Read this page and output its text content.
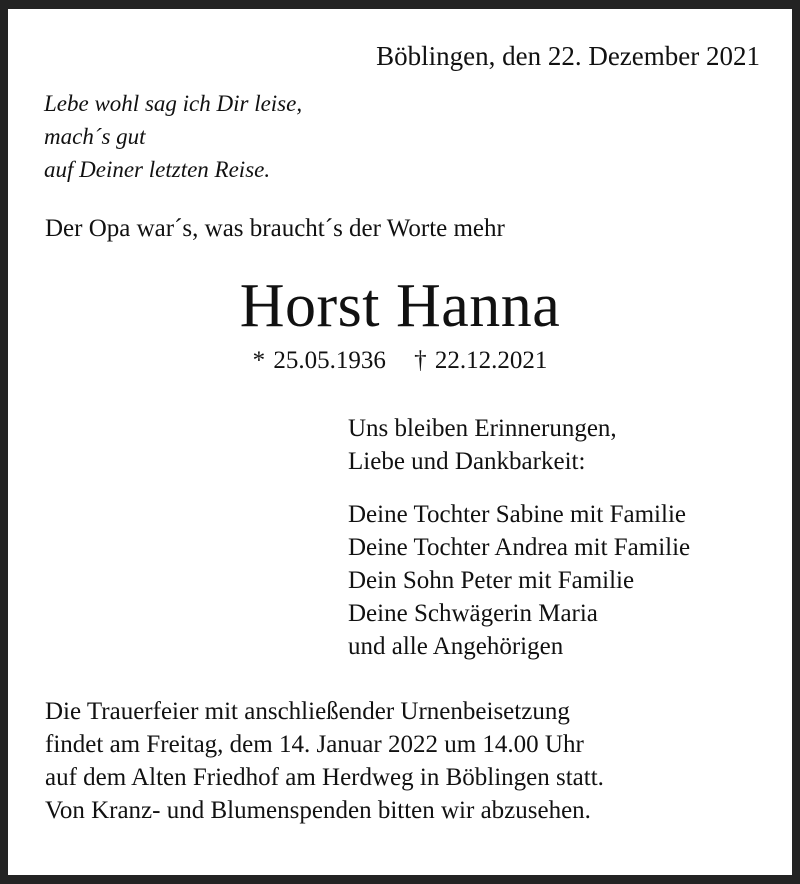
Böblingen, den 22. Dezember 2021
Lebe wohl sag ich Dir leise,
mach´s gut
auf Deiner letzten Reise.
Der Opa war´s, was braucht´s der Worte mehr
Horst Hanna
* 25.05.1936 † 22.12.2021
Uns bleiben Erinnerungen,
Liebe und Dankbarkeit:
Deine Tochter Sabine mit Familie
Deine Tochter Andrea mit Familie
Dein Sohn Peter mit Familie
Deine Schwägerin Maria
und alle Angehörigen
Die Trauerfeier mit anschließender Urnenbeisetzung
findet am Freitag, dem 14. Januar 2022 um 14.00 Uhr
auf dem Alten Friedhof am Herdweg in Böblingen statt.
Von Kranz- und Blumenspenden bitten wir abzusehen.
